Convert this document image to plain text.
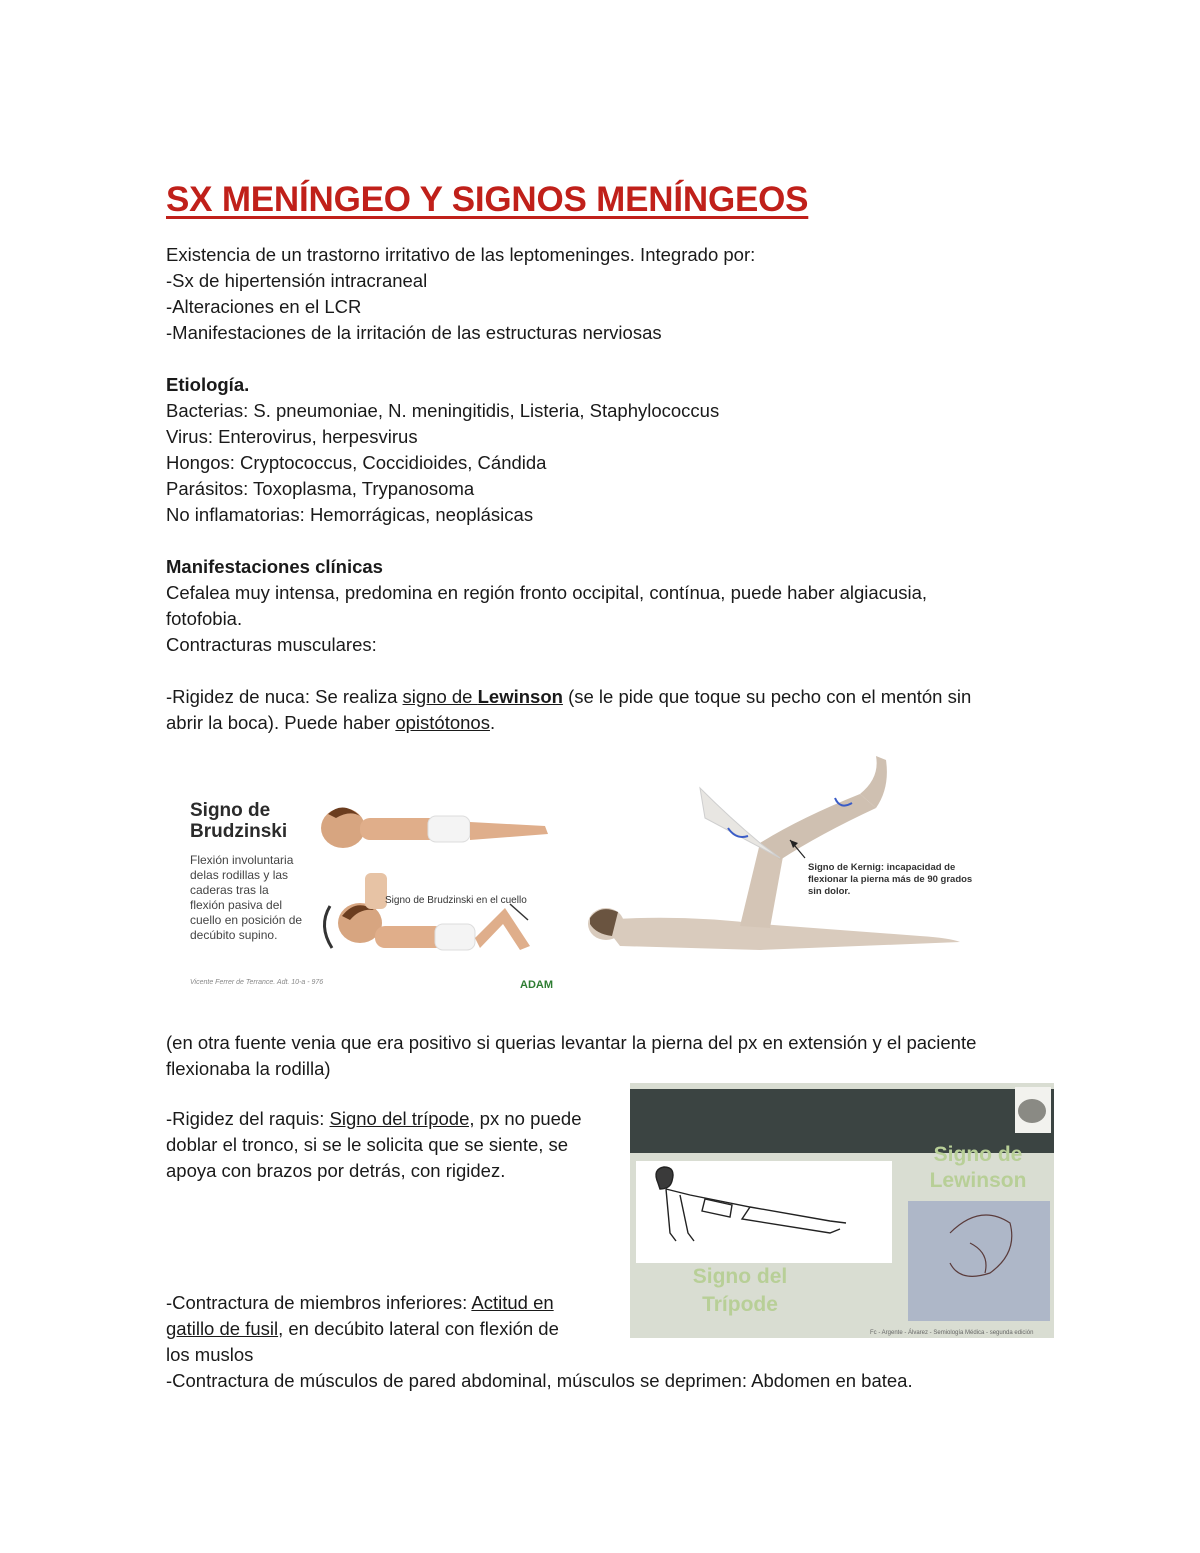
SX MENÍNGEO Y SIGNOS MENÍNGEOS

Existencia de un trastorno irritativo de las leptomeninges. Integrado por:

-Sx de hipertensión intracraneal

-Alteraciones en el LCR

-Manifestaciones de la irritación de las estructuras nerviosas

Etiología.

Bacterias: S. pneumoniae, N. meningitidis, Listeria, Staphylococcus

Virus: Enterovirus, herpesvirus

Hongos: Cryptococcus, Coccidioides, Cándida

Parásitos: Toxoplasma, Trypanosoma

No inflamatorias: Hemorrágicas, neoplásicas

Manifestaciones clínicas

Cefalea muy intensa, predomina en región fronto occipital, contínua, puede haber algiacusia,

fotofobia.

Contracturas musculares:

-Rigidez de nuca: Se realiza signo de Lewinson (se le pide que toque su pecho con el mentón sin

abrir la boca). Puede haber opistótonos.

Signo de
Brudzinski
Flexión involuntaria
delas rodillas y las
caderas tras la
flexión pasiva del
cuello en posición de
decúbito supino.
Vicente Ferrer de Terrance. Adt. 10-a - 976
Signo de Brudzinski en el cuello
ADAM
Signo de Kernig: incapacidad de
flexionar la pierna más de 90 grados
sin dolor.

(en otra fuente venia que era positivo si querias levantar la pierna del px en extensión y el paciente

flexionaba la rodilla)

-Rigidez del raquis: Signo del trípode, px no puede

doblar el tronco, si se le solicita que se siente, se

apoya con brazos por detrás, con rigidez.

Signo de
Lewinson
Signo del
Trípode
Fc - Argente - Álvarez - Semiología Médica - segunda edición

-Contractura de miembros inferiores: Actitud en

gatillo de fusil, en decúbito lateral con flexión de

los muslos

-Contractura de músculos de pared abdominal, músculos se deprimen: Abdomen en batea.
